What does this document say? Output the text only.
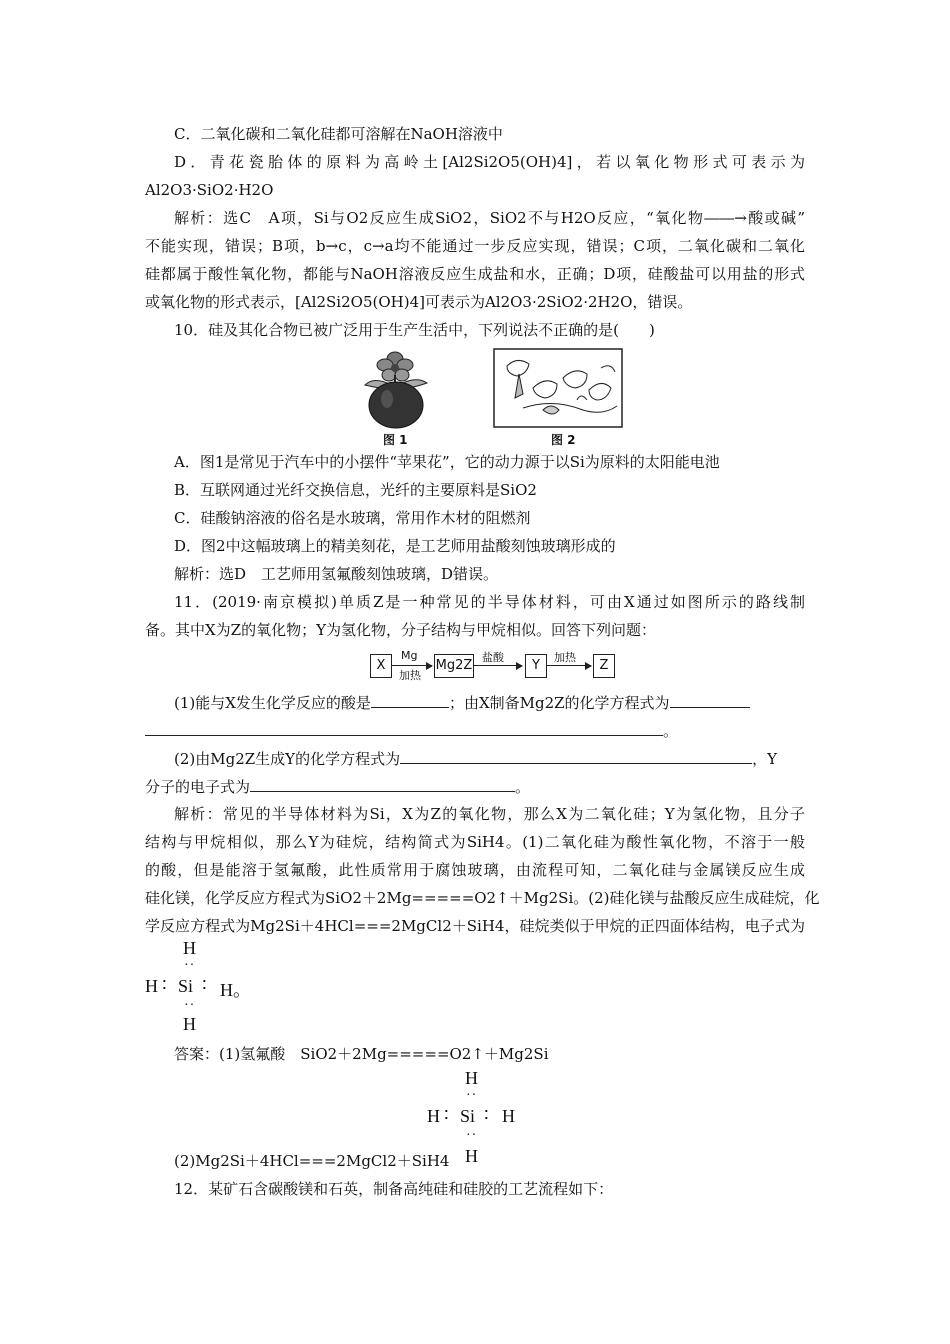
C．二氧化碳和二氧化硅都可溶解在NaOH溶液中
D．青花瓷胎体的原料为高岭土[Al2Si2O5(OH)4]，若以氧化物形式可表示为
Al2O3·SiO2·H2O
解析：选C　A项，Si与O2反应生成SiO2，SiO2不与H2O反应，“氧化物――→酸或碱”
不能实现，错误；B项，b→c，c→a均不能通过一步反应实现，错误；C项，二氧化碳和二氧化
硅都属于酸性氧化物，都能与NaOH溶液反应生成盐和水，正确；D项，硅酸盐可以用盐的形式
或氧化物的形式表示，[Al2Si2O5(OH)4]可表示为Al2O3·2SiO2·2H2O，错误。
10．硅及其化合物已被广泛用于生产生活中，下列说法不正确的是(　　)
图 1	图 2
A．图1是常见于汽车中的小摆件“苹果花”，它的动力源于以Si为原料的太阳能电池
B．互联网通过光纤交换信息，光纤的主要原料是SiO2
C．硅酸钠溶液的俗名是水玻璃，常用作木材的阻燃剂
D．图2中这幅玻璃上的精美刻花，是工艺师用盐酸刻蚀玻璃形成的
解析：选D　工艺师用氢氟酸刻蚀玻璃，D错误。
11．(2019·南京模拟)单质Z是一种常见的半导体材料，可由X通过如图所示的路线制
备。其中X为Z的氧化物；Y为氢化物，分子结构与甲烷相似。回答下列问题：
X
Mg
加热
Mg2Z
盐酸
Y
加热
Z
(1)能与X发生化学反应的酸是	；由X制备Mg2Z的化学方程式为
。
(2)由Mg2Z生成Y的化学方程式为	，Y
分子的电子式为	。
解析：常见的半导体材料为Si，X为Z的氧化物，那么X为二氧化硅；Y为氢化物，且分子
结构与甲烷相似，那么Y为硅烷，结构简式为SiH4。(1)二氧化硅为酸性氧化物，不溶于一般
的酸，但是能溶于氢氟酸，此性质常用于腐蚀玻璃，由流程可知，二氧化硅与金属镁反应生成
硅化镁，化学反应方程式为SiO2＋2Mg=====O2↑＋Mg2Si。(2)硅化镁与盐酸反应生成硅烷，化
学反应方程式为Mg2Si＋4HCl===2MgCl2＋SiH4，硅烷类似于甲烷的正四面体结构，电子式为
H
··
H ∶ Si ∶ H。
··
H
答案：(1)氢氟酸　SiO2＋2Mg=====O2↑＋Mg2Si
H
··
H ∶ Si ∶ H
··
H
(2)Mg2Si＋4HCl===2MgCl2＋SiH4
12．某矿石含碳酸镁和石英，制备高纯硅和硅胶的工艺流程如下：
